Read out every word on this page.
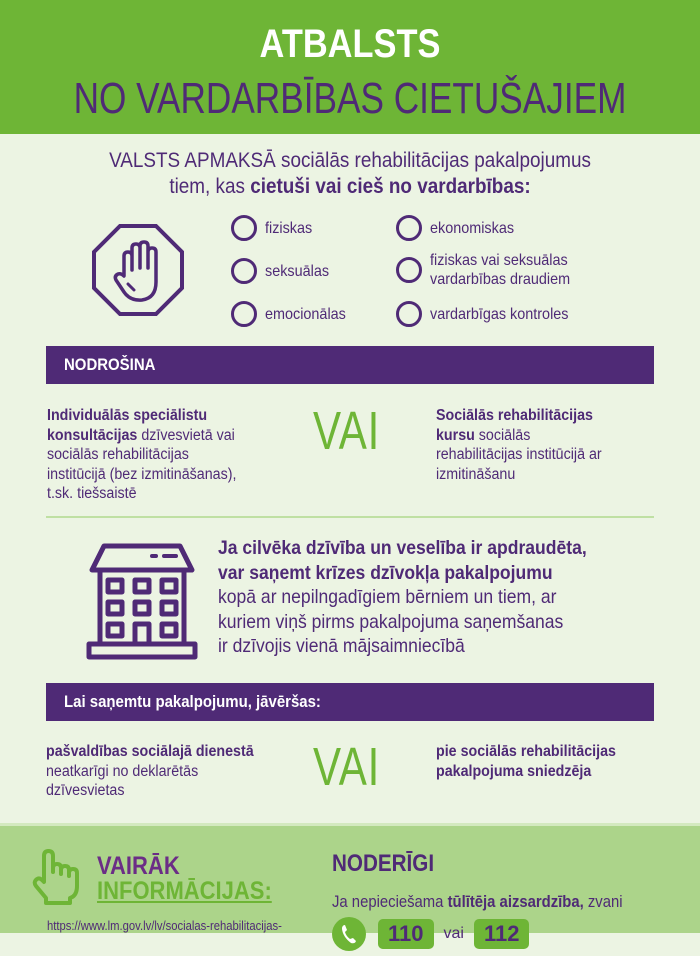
ATBALSTS
NO VARDARBĪBAS CIETUŠAJIEM
VALSTS APMAKSĀ sociālās rehabilitācijas pakalpojumus
tiem, kas cietuši vai cieš no vardarbības:
fiziskas
seksuālas
emocionālas
ekonomiskas
fiziskas vai seksuālas
vardarbības draudiem
vardarbīgas kontroles
NODROŠINA
Individuālās speciālistu
konsultācijas dzīvesvietā vai
sociālās rehabilitācijas
institūcijā (bez izmitināšanas),
t.sk. tiešsaistē
VAI	Sociālās rehabilitācijas
kursu sociālās
rehabilitācijas institūcijā ar
izmitināšanu
Ja cilvēka dzīvība un veselība ir apdraudēta,
var saņemt krīzes dzīvokļa pakalpojumu
kopā ar nepilngadīgiem bērniem un tiem, ar
kuriem viņš pirms pakalpojuma saņemšanas
ir dzīvojis vienā mājsaimniecībā
Lai saņemtu pakalpojumu, jāvēršas:
pašvaldības sociālajā dienestā
neatkarīgi no deklarētās
dzīvesvietas	VAI	pie sociālās rehabilitācijas
pakalpojuma sniedzēja
VAIRĀK
INFORMĀCIJAS:
https://www.lm.gov.lv/lv/socialas-rehabilitacijas-
NODERĪGI
Ja nepieciešama tūlītēja aizsardzība, zvani
110	vai 112
